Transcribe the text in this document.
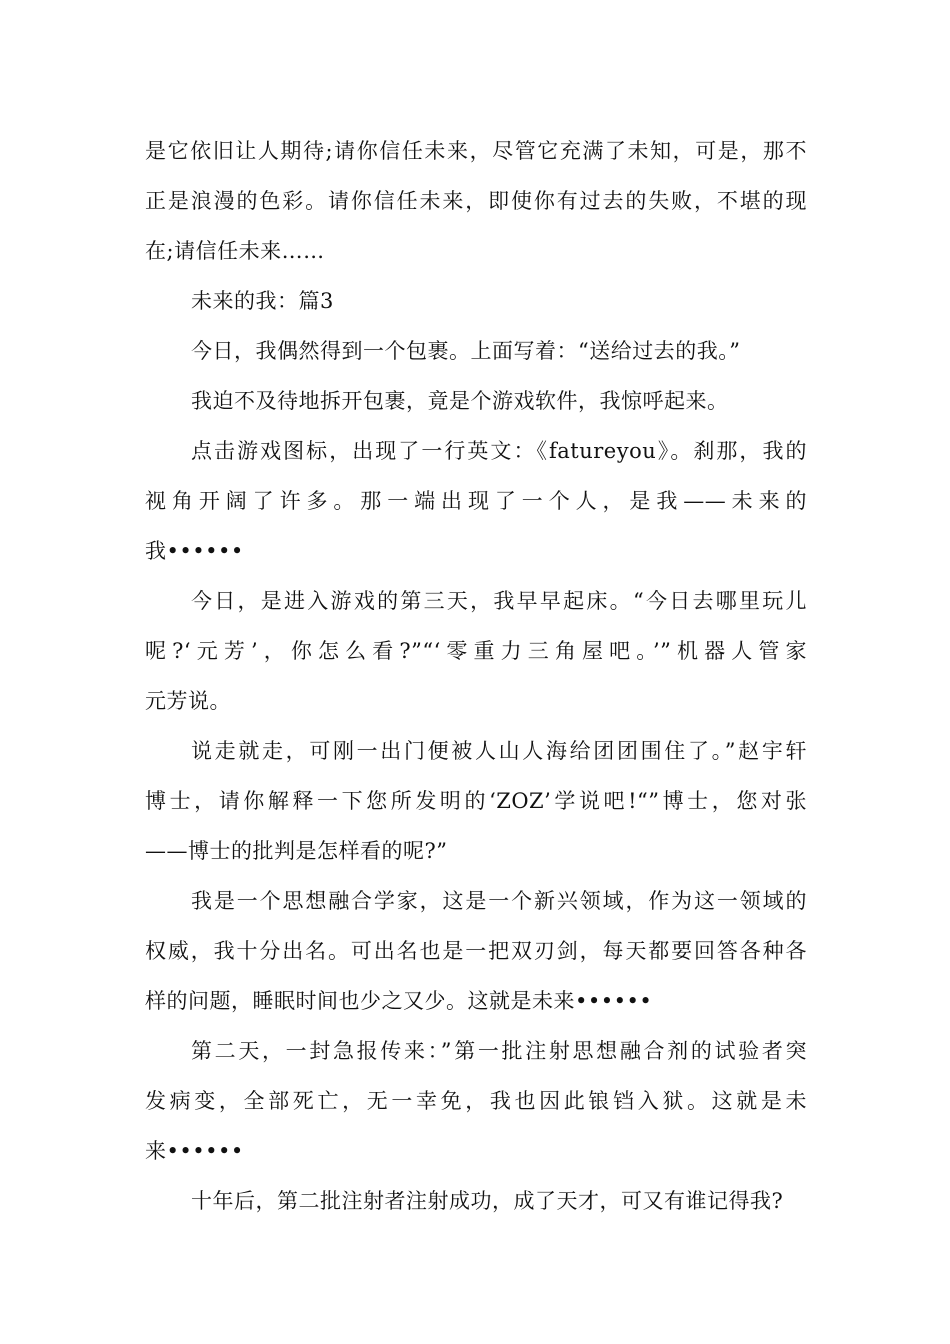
是它依旧让人期待;请你信任未来，尽管它充满了未知，可是，那不
正是浪漫的色彩。请你信任未来，即使你有过去的失败，不堪的现
在;请信任未来……

未来的我：篇3

今日，我偶然得到一个包裹。上面写着：“送给过去的我。”
我迫不及待地拆开包裹，竟是个游戏软件，我惊呼起来。

点击游戏图标，出现了一行英文：《fatureyou》。刹那，我的
视角开阔了许多。那一端出现了一个人，是我——未来的
我••••••

今日，是进入游戏的第三天，我早早起床。“今日去哪里玩儿
呢?‘元芳’，你怎么看?”“‘零重力三角屋吧。’”机器人管家
元芳说。

说走就走，可刚一出门便被人山人海给团团围住了。”赵宇轩
博士，请你解释一下您所发明的‘ZOZ’学说吧!“”博士，您对张
——博士的批判是怎样看的呢?”

我是一个思想融合学家，这是一个新兴领域，作为这一领域的
权威，我十分出名。可出名也是一把双刃剑，每天都要回答各种各
样的问题，睡眠时间也少之又少。这就是未来••••••

第二天，一封急报传来：”第一批注射思想融合剂的试验者突
发病变，全部死亡，无一幸免，我也因此锒铛入狱。这就是未
来••••••

十年后，第二批注射者注射成功，成了天才，可又有谁记得我?
